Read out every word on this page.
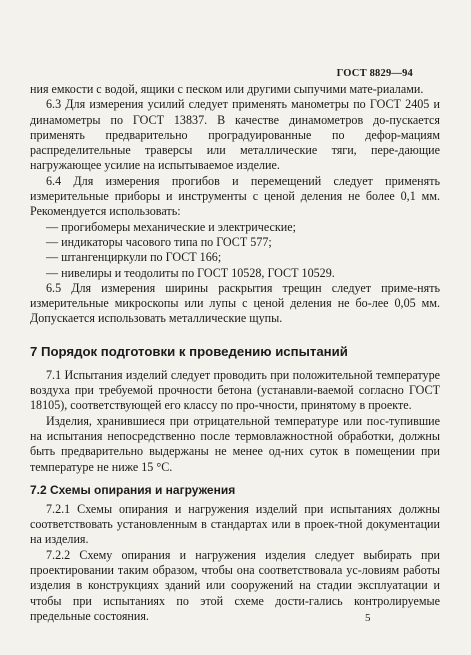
ГОСТ 8829—94

ния емкости с водой, ящики с песком или другими сыпучими мате-риалами.

6.3 Для измерения усилий следует применять манометры по ГОСТ 2405 и динамометры по ГОСТ 13837. В качестве динамометров до-пускается применять предварительно проградуированные по дефор-мациям распределительные траверсы или металлические тяги, пере-дающие нагружающее усилие на испытываемое изделие.

6.4 Для измерения прогибов и перемещений следует применять измерительные приборы и инструменты с ценой деления не более 0,1 мм. Рекомендуется использовать:

— прогибомеры механические и электрические;

— индикаторы часового типа по ГОСТ 577;

— штангенциркули по ГОСТ 166;

— нивелиры и теодолиты по ГОСТ 10528, ГОСТ 10529.

6.5 Для измерения ширины раскрытия трещин следует приме-нять измерительные микроскопы или лупы с ценой деления не бо-лее 0,05 мм. Допускается использовать металлические щупы.

7 Порядок подготовки к проведению испытаний

7.1 Испытания изделий следует проводить при положительной температуре воздуха при требуемой прочности бетона (устанавли-ваемой согласно ГОСТ 18105), соответствующей его классу по про-чности, принятому в проекте.

Изделия, хранившиеся при отрицательной температуре или пос-тупившие на испытания непосредственно после термовлажностной обработки, должны быть предварительно выдержаны не менее од-них суток в помещении при температуре не ниже 15 °С.

7.2 Схемы опирания и нагружения

7.2.1 Схемы опирания и нагружения изделий при испытаниях должны соответствовать установленным в стандартах или в проек-тной документации на изделия.

7.2.2 Схему опирания и нагружения изделия следует выбирать при проектировании таким образом, чтобы она соответствовала ус-ловиям работы изделия в конструкциях зданий или сооружений на стадии эксплуатации и чтобы при испытаниях по этой схеме дости-гались контролируемые предельные состояния.	5
